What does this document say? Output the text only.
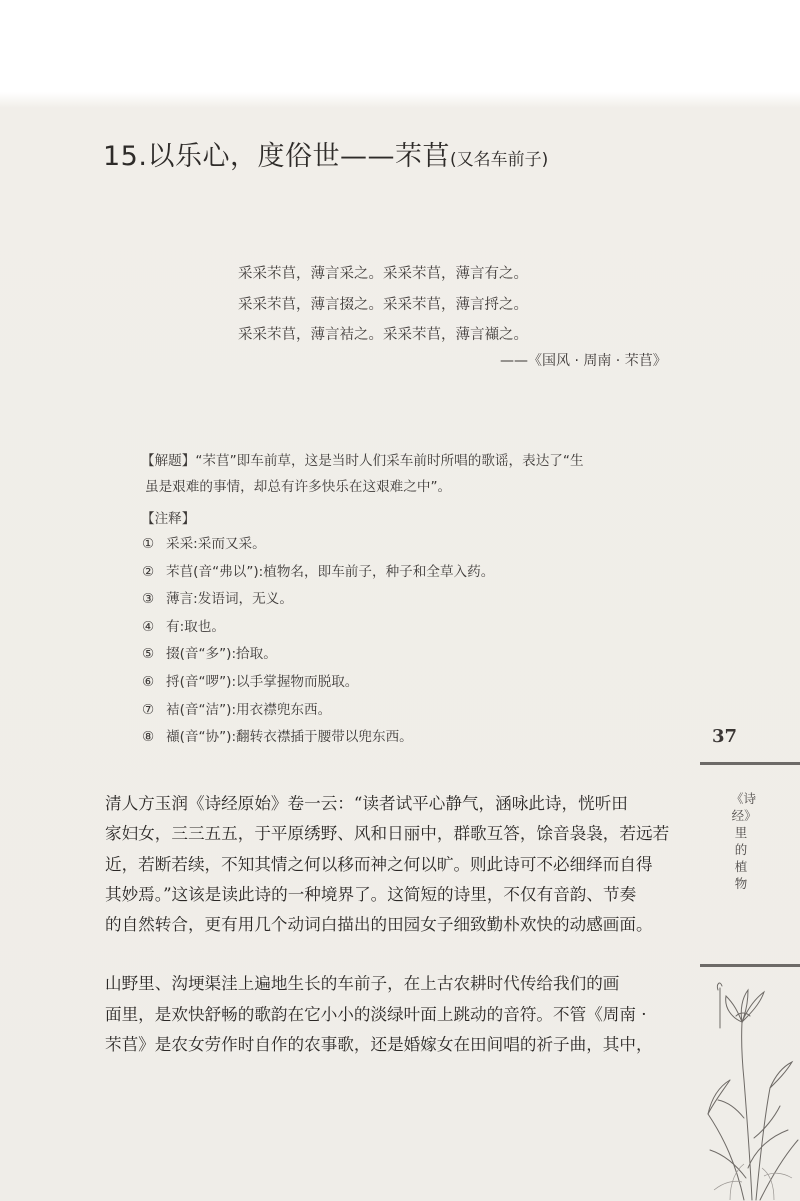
15.以乐心，度俗世——芣苢(又名车前子)
采采芣苢，薄言采之。采采芣苢，薄言有之。
采采芣苢，薄言掇之。采采芣苢，薄言捋之。
采采芣苢，薄言袺之。采采芣苢，薄言襭之。
——《国风 · 周南 · 芣苢》
【解题】“芣苢”即车前草，这是当时人们采车前时所唱的歌谣，表达了“生
虽是艰难的事情，却总有许多快乐在这艰难之中”。
【注释】
① 采采:采而又采。
② 芣苢(音“弗以”):植物名，即车前子，种子和全草入药。
③ 薄言:发语词，无义。
④ 有:取也。
⑤ 掇(音“多”):拾取。
⑥ 捋(音“啰”):以手掌握物而脱取。
⑦ 袺(音“洁”):用衣襟兜东西。
⑧ 襭(音“协”):翻转衣襟插于腰带以兜东西。
清人方玉润《诗经原始》卷一云：“读者试平心静气，涵咏此诗，恍听田
家妇女，三三五五，于平原绣野、风和日丽中，群歌互答，馀音袅袅，若远若
近，若断若续，不知其情之何以移而神之何以旷。则此诗可不必细绎而自得
其妙焉。”这该是读此诗的一种境界了。这简短的诗里，不仅有音韵、节奏
的自然转合，更有用几个动词白描出的田园女子细致勤朴欢快的动感画面。
山野里、沟埂渠洼上遍地生长的车前子，在上古农耕时代传给我们的画
面里，是欢快舒畅的歌韵在它小小的淡绿叶面上跳动的音符。不管《周南 ·
芣苢》是农女劳作时自作的农事歌，还是婚嫁女在田间唱的祈子曲，其中，
37
《诗经》里的植物
